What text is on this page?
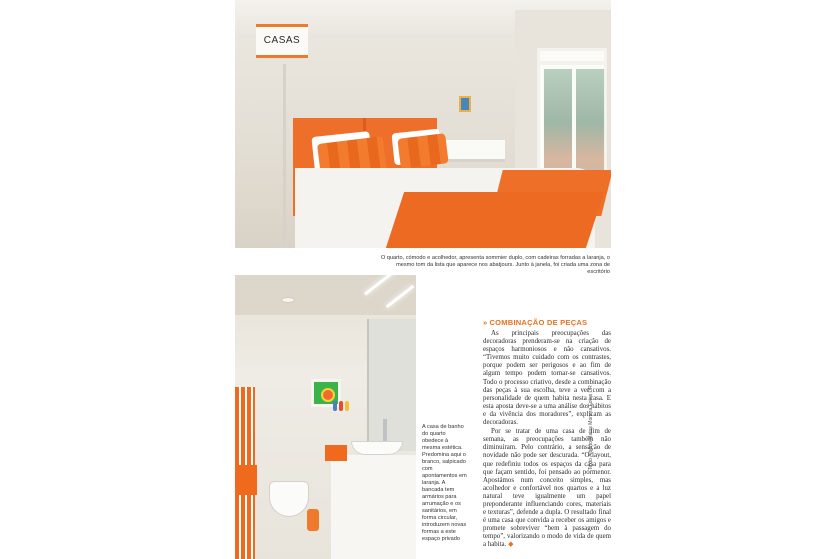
CASAS
O quarto, cómodo e acolhedor, apresenta sommier duplo, com cadeiras forradas a laranja, o mesmo tom da lista que aparece nos abatjours. Junto à janela, foi criada uma zona de escritório
A casa de banho do quarto obedece à mesma estética. Predomina aqui o branco, salpicado com apontamentos em laranja. A bancada tem armários para arrumação e os sanitários, em forma circular, introduzem novas formas a este espaço privado
» COMBINAÇÃO DE PEÇAS

As principais preocupações das decoradoras prenderam-se na criação de espaços harmoniosos e não cansativos. “Tivemos muito cuidado com os contrastes, porque podem ser perigosos e ao fim de algum tempo podem tornar-se cansativos. Todo o processo criativo, desde a combinação das peças à sua escolha, teve a ver com a personalidade de quem habita nesta casa. E esta aposta deve-se a uma análise dos hábitos e da vivência dos moradores”, explicam as decoradoras.

Por se tratar de uma casa de fim de semana, as preocupações também não diminuíram. Pelo contrário, a sensação de novidade não pode ser descurada. “O layout, que redefiniu todos os espaços da casa para que façam sentido, foi pensado ao pormenor. Apostámos num conceito simples, mas acolhedor e confortável nos quartos e a luz natural teve igualmente um papel preponderante influenciando cores, materiais e texturas”, defende a dupla. O resultado final é uma casa que convida a receber os amigos e promete sobreviver “bem à passagem do tempo”, valorizando o modo de vida de quem a habita. ◆

Texto Alberto Matos Moreira Fotos DR
